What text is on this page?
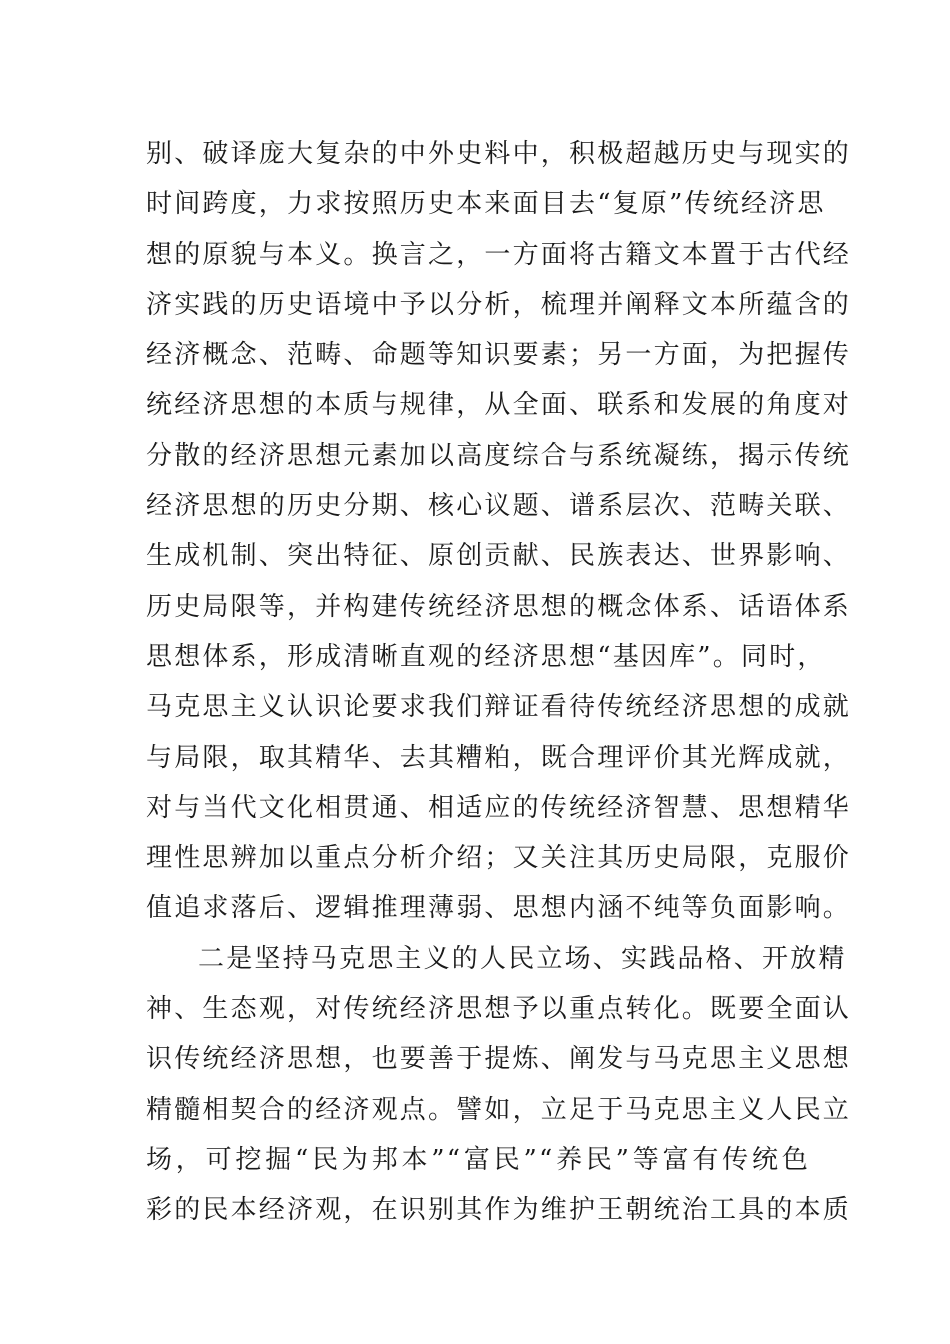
别、破译庞大复杂的中外史料中，积极超越历史与现实的
时间跨度，力求按照历史本来面目去“复原”传统经济思
想的原貌与本义。换言之，一方面将古籍文本置于古代经
济实践的历史语境中予以分析，梳理并阐释文本所蕴含的
经济概念、范畴、命题等知识要素；另一方面，为把握传
统经济思想的本质与规律，从全面、联系和发展的角度对
分散的经济思想元素加以高度综合与系统凝练，揭示传统
经济思想的历史分期、核心议题、谱系层次、范畴关联、
生成机制、突出特征、原创贡献、民族表达、世界影响、
历史局限等，并构建传统经济思想的概念体系、话语体系
思想体系，形成清晰直观的经济思想“基因库”。同时，
马克思主义认识论要求我们辩证看待传统经济思想的成就
与局限，取其精华、去其糟粕，既合理评价其光辉成就，
对与当代文化相贯通、相适应的传统经济智慧、思想精华
理性思辨加以重点分析介绍；又关注其历史局限，克服价
值追求落后、逻辑推理薄弱、思想内涵不纯等负面影响。
二是坚持马克思主义的人民立场、实践品格、开放精
神、生态观，对传统经济思想予以重点转化。既要全面认
识传统经济思想，也要善于提炼、阐发与马克思主义思想
精髓相契合的经济观点。譬如，立足于马克思主义人民立
场，可挖掘“民为邦本”“富民”“养民”等富有传统色
彩的民本经济观，在识别其作为维护王朝统治工具的本质
